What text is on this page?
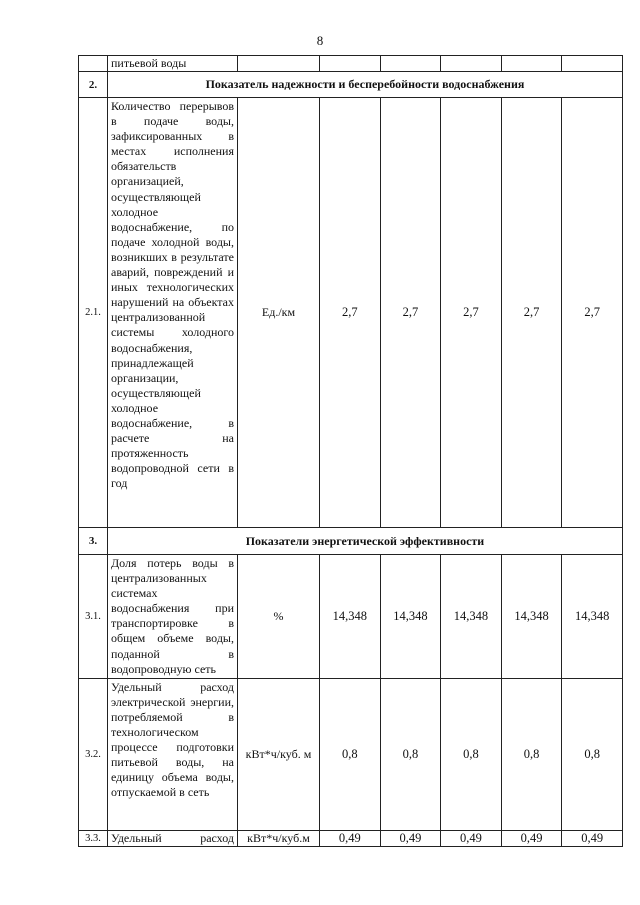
8
	питьевой воды						
2.	Показатель надежности и бесперебойности водоснабжения						
2.1.	Количество перерывов в подаче воды, зафиксированных в местах исполнения обязательств организацией, осуществляющей холодное водоснабжение, по подаче холодной воды, возникших в результате аварий, повреждений и иных технологических нарушений на объектах централизованной системы холодного водоснабжения, принадлежащей организации, осуществляющей холодное водоснабжение, в расчете на протяженность водопроводной сети в год	Ед./км	2,7	2,7	2,7	2,7	2,7
3.	Показатели энергетической эффективности						
3.1.	Доля потерь воды в централизованных системах водоснабжения при транспортировке в общем объеме воды, поданной в водопроводную сеть	%	14,348	14,348	14,348	14,348	14,348
3.2.	Удельный расход электрической энергии, потребляемой в технологическом процессе подготовки питьевой воды, на единицу объема воды, отпускаемой в сеть	кВт*ч/куб. м	0,8	0,8	0,8	0,8	0,8
3.3.	Удельный расход	кВт*ч/куб.м	0,49	0,49	0,49	0,49	0,49
